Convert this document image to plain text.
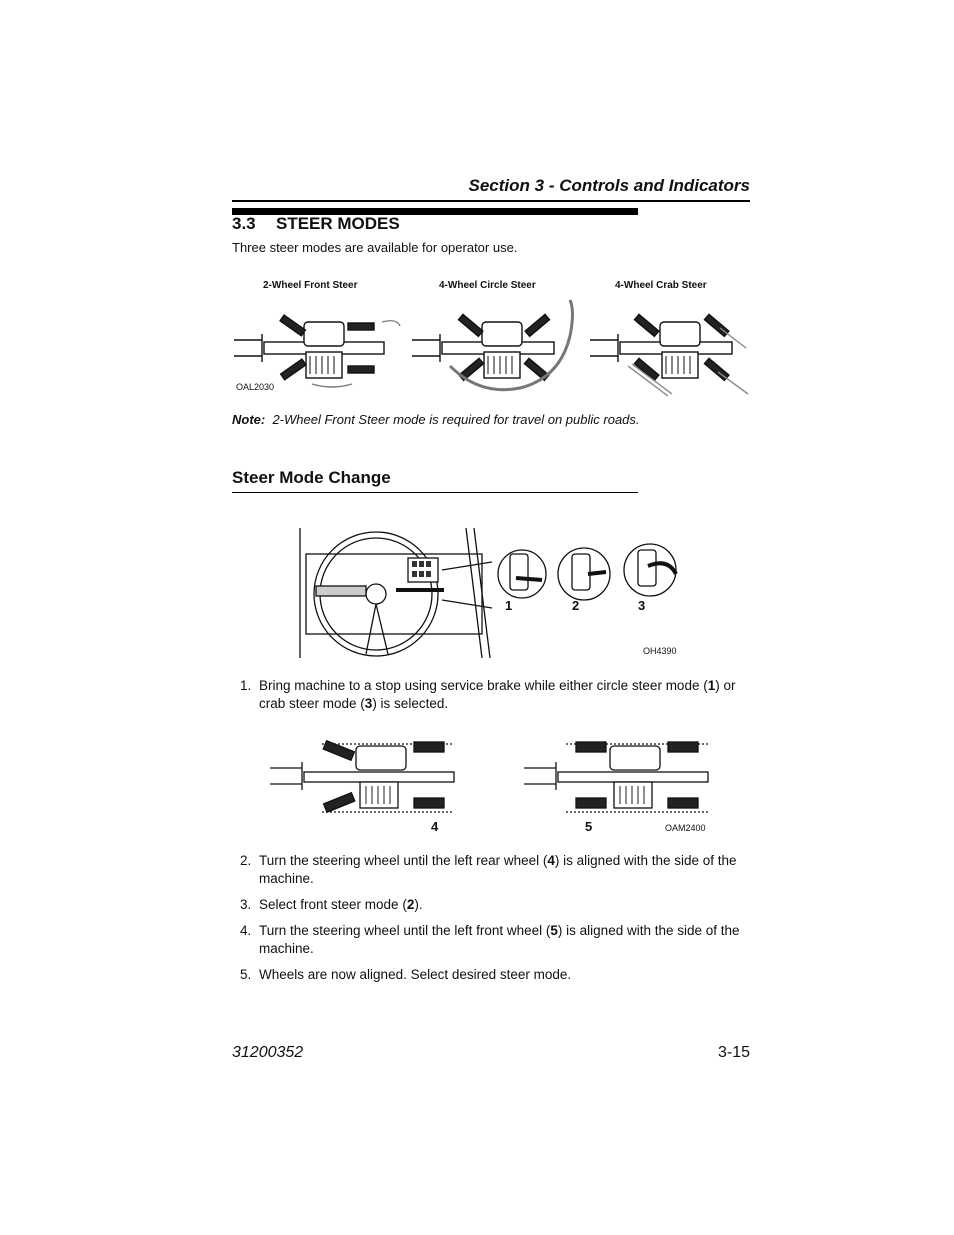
Section 3 - Controls and Indicators
3.3 STEER MODES
Three steer modes are available for operator use.
2-Wheel Front Steer	4-Wheel Circle Steer	4-Wheel Crab Steer
OAL2030
Note: 2-Wheel Front Steer mode is required for travel on public roads.
Steer Mode Change
1	2	3
OH4390
1. Bring machine to a stop using service brake while either circle steer mode (1) or crab steer mode (3) is selected.
4	5	OAM2400
2. Turn the steering wheel until the left rear wheel (4) is aligned with the side of the machine.
3. Select front steer mode (2).
4. Turn the steering wheel until the left front wheel (5) is aligned with the side of the machine.
5. Wheels are now aligned. Select desired steer mode.
31200352	3-15
